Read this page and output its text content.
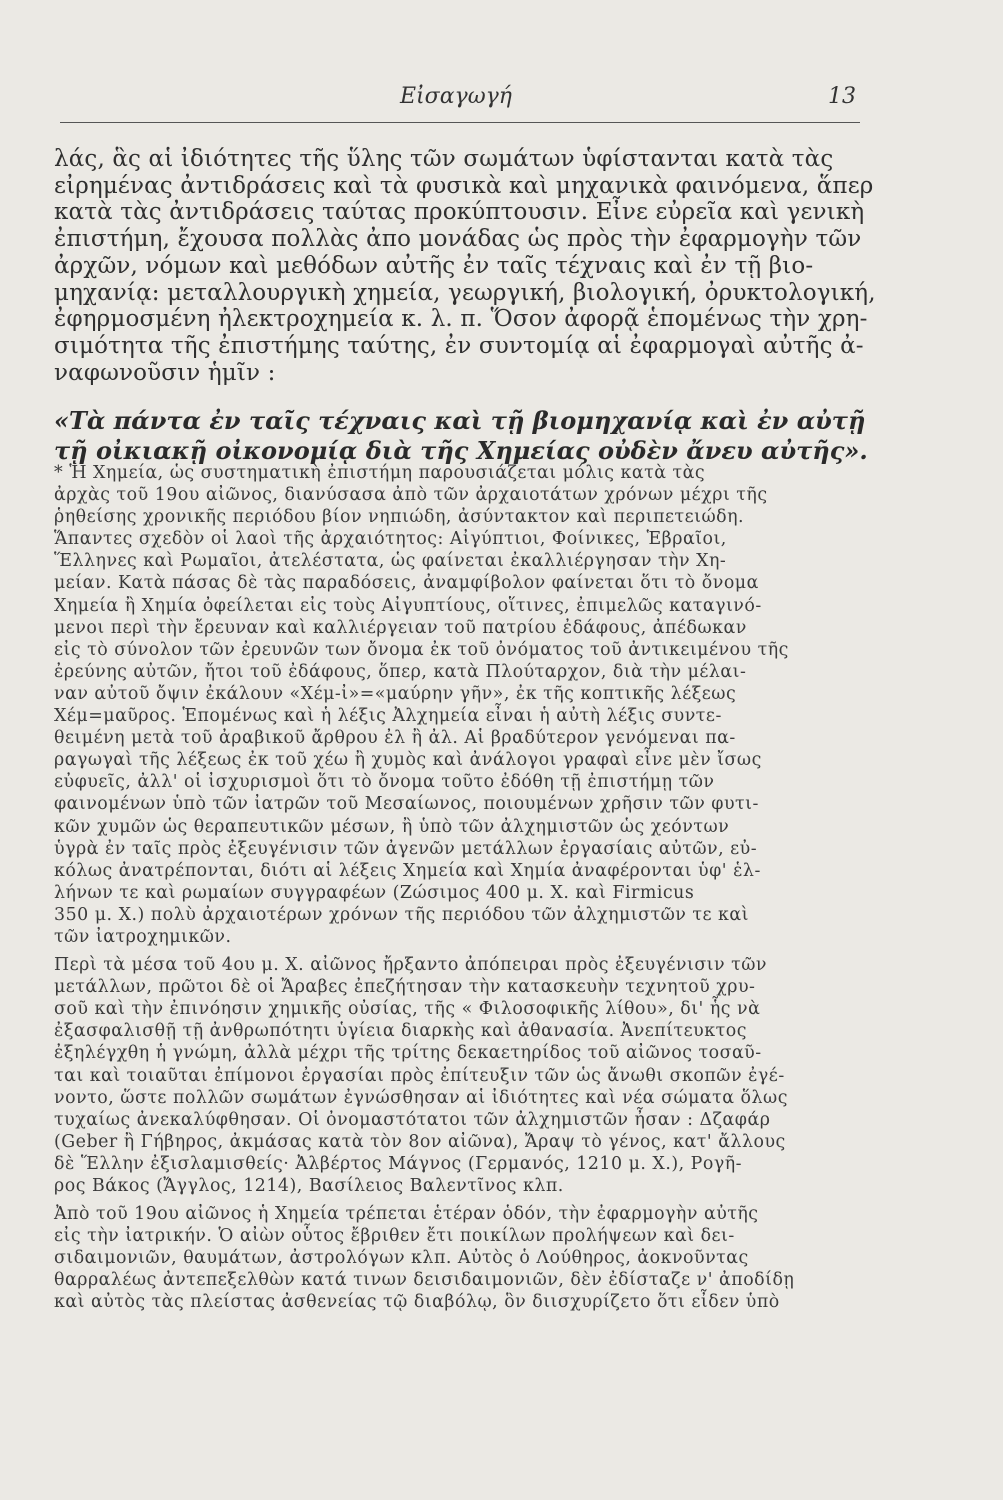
Εἰσαγωγή	13
λάς, ἃς αἱ ἰδιότητες τῆς ὕλης τῶν σωμάτων ὑφίστανται κατὰ τὰς
εἰρημένας ἀντιδράσεις καὶ τὰ φυσικὰ καὶ μηχανικὰ φαινόμενα, ἅπερ
κατὰ τὰς ἀντιδράσεις ταύτας προκύπτουσιν. Εἶνε εὐρεῖα καὶ γενικὴ
ἐπιστήμη, ἔχουσα πολλὰς ἀπο μονάδας ὡς πρὸς τὴν ἐφαρμογὴν τῶν
ἀρχῶν, νόμων καὶ μεθόδων αὐτῆς ἐν ταῖς τέχναις καὶ ἐν τῇ βιο-
μηχανίᾳ: μεταλλουργικὴ χημεία, γεωργική, βιολογική, ὀρυκτολογική,
ἐφηρμοσμένη ἠλεκτροχημεία κ. λ. π. Ὅσον ἀφορᾷ ἑπομένως τὴν χρη-
σιμότητα τῆς ἐπιστήμης ταύτης, ἐν συντομίᾳ αἱ ἐφαρμογαὶ αὐτῆς ἀ-
ναφωνοῦσιν ἡμῖν :
«Τὰ πάντα ἐν ταῖς τέχναις καὶ τῇ βιομηχανίᾳ καὶ ἐν αὐτῇ
τῇ οἰκιακῇ οἰκονομίᾳ διὰ τῆς Χημείας οὐδὲν ἄνευ αὐτῆς».
* Ἡ Χημεία, ὡς συστηματικὴ ἐπιστήμη παρουσιάζεται μόλις κατὰ τὰς
ἀρχὰς τοῦ 19ου αἰῶνος, διανύσασα ἀπὸ τῶν ἀρχαιοτάτων χρόνων μέχρι τῆς
ῥηθείσης χρονικῆς περιόδου βίον νηπιώδη, ἀσύντακτον καὶ περιπετειώδη.
Ἅπαντες σχεδὸν οἱ λαοὶ τῆς ἀρχαιότητος: Αἰγύπτιοι, Φοίνικες, Ἑβραῖοι,
Ἕλληνες καὶ Ρωμαῖοι, ἀτελέστατα, ὡς φαίνεται ἐκαλλιέργησαν τὴν Χη-
μείαν. Κατὰ πάσας δὲ τὰς παραδόσεις, ἀναμφίβολον φαίνεται ὅτι τὸ ὄνομα
Χημεία ἢ Χημία ὀφείλεται εἰς τοὺς Αἰγυπτίους, οἵτινες, ἐπιμελῶς καταγινό-
μενοι περὶ τὴν ἔρευναν καὶ καλλιέργειαν τοῦ πατρίου ἐδάφους, ἀπέδωκαν
εἰς τὸ σύνολον τῶν ἐρευνῶν των ὄνομα ἐκ τοῦ ὀνόματος τοῦ ἀντικειμένου τῆς
ἐρεύνης αὐτῶν, ἤτοι τοῦ ἐδάφους, ὅπερ, κατὰ Πλούταρχον, διὰ τὴν μέλαι-
ναν αὐτοῦ ὄψιν ἐκάλουν «Χέμ-ἰ»=«μαύρην γῆν», ἐκ τῆς κοπτικῆς λέξεως
Χέμ=μαῦρος. Ἑπομένως καὶ ἡ λέξις Ἀλχημεία εἶναι ἡ αὐτὴ λέξις συντε-
θειμένη μετὰ τοῦ ἀραβικοῦ ἄρθρου ἐλ ἢ ἀλ. Αἱ βραδύτερον γενόμεναι πα-
ραγωγαὶ τῆς λέξεως ἐκ τοῦ χέω ἢ χυμὸς καὶ ἀνάλογοι γραφαὶ εἶνε μὲν ἴσως
εὐφυεῖς, ἀλλ' οἱ ἰσχυρισμοὶ ὅτι τὸ ὄνομα τοῦτο ἐδόθη τῇ ἐπιστήμῃ τῶν
φαινομένων ὑπὸ τῶν ἰατρῶν τοῦ Μεσαίωνος, ποιουμένων χρῆσιν τῶν φυτι-
κῶν χυμῶν ὡς θεραπευτικῶν μέσων, ἢ ὑπὸ τῶν ἀλχημιστῶν ὡς χεόντων
ὑγρὰ ἐν ταῖς πρὸς ἐξευγένισιν τῶν ἀγενῶν μετάλλων ἐργασίαις αὐτῶν, εὐ-
κόλως ἀνατρέπονται, διότι αἱ λέξεις Χημεία καὶ Χημία ἀναφέρονται ὑφ' ἑλ-
λήνων τε καὶ ρωμαίων συγγραφέων (Ζώσιμος 400 μ. Χ. καὶ Firmicus
350 μ. Χ.) πολὺ ἀρχαιοτέρων χρόνων τῆς περιόδου τῶν ἀλχημιστῶν τε καὶ
τῶν ἰατροχημικῶν.
Περὶ τὰ μέσα τοῦ 4ου μ. Χ. αἰῶνος ἤρξαντο ἀπόπειραι πρὸς ἐξευγένισιν τῶν
μετάλλων, πρῶτοι δὲ οἱ Ἄραβες ἐπεζήτησαν τὴν κατασκευὴν τεχνητοῦ χρυ-
σοῦ καὶ τὴν ἐπινόησιν χημικῆς οὐσίας, τῆς « Φιλοσοφικῆς λίθου», δι' ἧς νὰ
ἐξασφαλισθῇ τῇ ἀνθρωπότητι ὑγίεια διαρκὴς καὶ ἀθανασία. Ἀνεπίτευκτος
ἐξηλέγχθη ἡ γνώμη, ἀλλὰ μέχρι τῆς τρίτης δεκαετηρίδος τοῦ αἰῶνος τοσαῦ-
ται καὶ τοιαῦται ἐπίμονοι ἐργασίαι πρὸς ἐπίτευξιν τῶν ὡς ἄνωθι σκοπῶν ἐγέ-
νοντο, ὥστε πολλῶν σωμάτων ἐγνώσθησαν αἱ ἰδιότητες καὶ νέα σώματα ὅλως
τυχαίως ἀνεκαλύφθησαν. Οἱ ὀνομαστότατοι τῶν ἀλχημιστῶν ἦσαν : Δζαφάρ
(Geber ἢ Γήβηρος, ἀκμάσας κατὰ τὸν 8ον αἰῶνα), Ἄραψ τὸ γένος, κατ' ἄλλους
δὲ Ἕλλην ἐξισλαμισθείς· Ἀλβέρτος Μάγνος (Γερμανός, 1210 μ. Χ.), Ρογῆ-
ρος Βάκος (Ἄγγλος, 1214), Βασίλειος Βαλεντῖνος κλπ.
Ἀπὸ τοῦ 19ου αἰῶνος ἡ Χημεία τρέπεται ἑτέραν ὁδόν, τὴν ἐφαρμογὴν αὐτῆς
εἰς τὴν ἰατρικήν. Ὁ αἰὼν οὗτος ἔβριθεν ἔτι ποικίλων προλήψεων καὶ δει-
σιδαιμονιῶν, θαυμάτων, ἀστρολόγων κλπ. Αὐτὸς ὁ Λούθηρος, ἀοκνοῦντας
θαρραλέως ἀντεπεξελθὼν κατά τινων δεισιδαιμονιῶν, δὲν ἐδίσταζε ν' ἀποδίδῃ
καὶ αὐτὸς τὰς πλείστας ἀσθενείας τῷ διαβόλῳ, ὃν διισχυρίζετο ὅτι εἶδεν ὑπὸ
